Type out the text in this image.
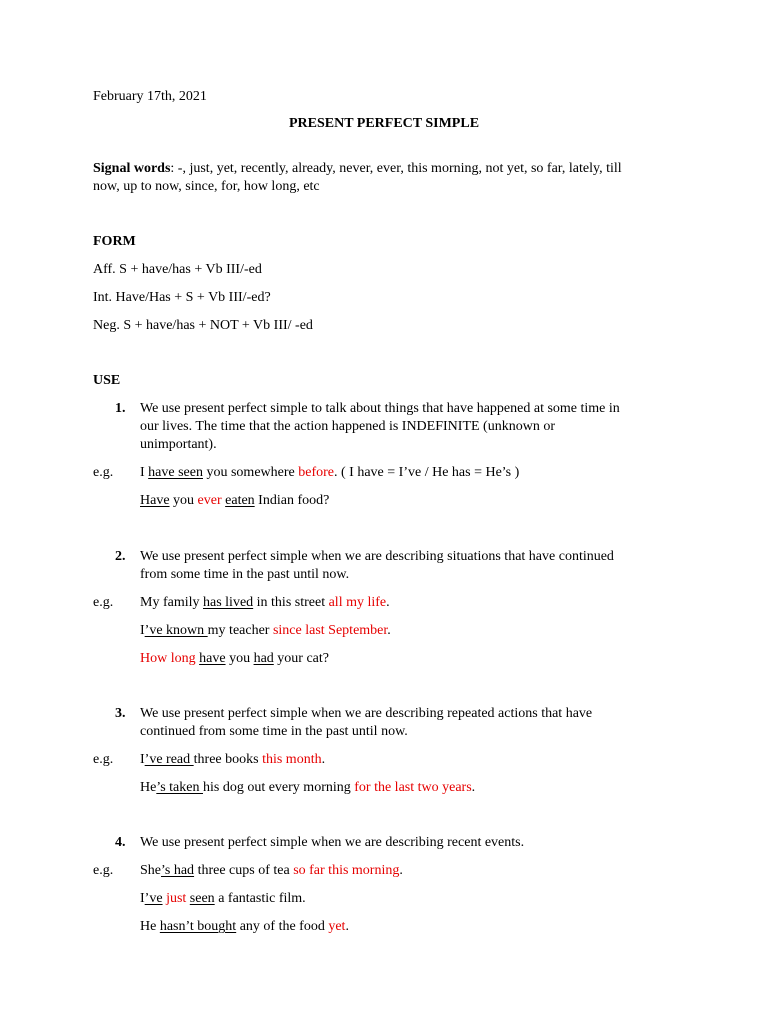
February 17th, 2021
PRESENT PERFECT SIMPLE
Signal words: -, just, yet, recently, already, never, ever, this morning, not yet, so far, lately, till
now, up to now, since, for, how long, etc
FORM
Aff. S + have/has + Vb III/-ed
Int. Have/Has + S + Vb III/-ed?
Neg. S + have/has + NOT + Vb III/ -ed
USE
1. We use present perfect simple to talk about things that have happened at some time in
our lives. The time that the action happened is INDEFINITE (unknown or
unimportant).
e.g. I have seen you somewhere before. ( I have = I’ve / He has = He’s )
Have you ever eaten Indian food?
2. We use present perfect simple when we are describing situations that have continued
from some time in the past until now.
e.g. My family has lived in this street all my life.
I’ve known my teacher since last September.
How long have you had your cat?
3. We use present perfect simple when we are describing repeated actions that have
continued from some time in the past until now.
e.g. I’ve read three books this month.
He’s taken his dog out every morning for the last two years.
4. We use present perfect simple when we are describing recent events.
e.g. She’s had three cups of tea so far this morning.
I’ve just seen a fantastic film.
He hasn’t bought any of the food yet.
